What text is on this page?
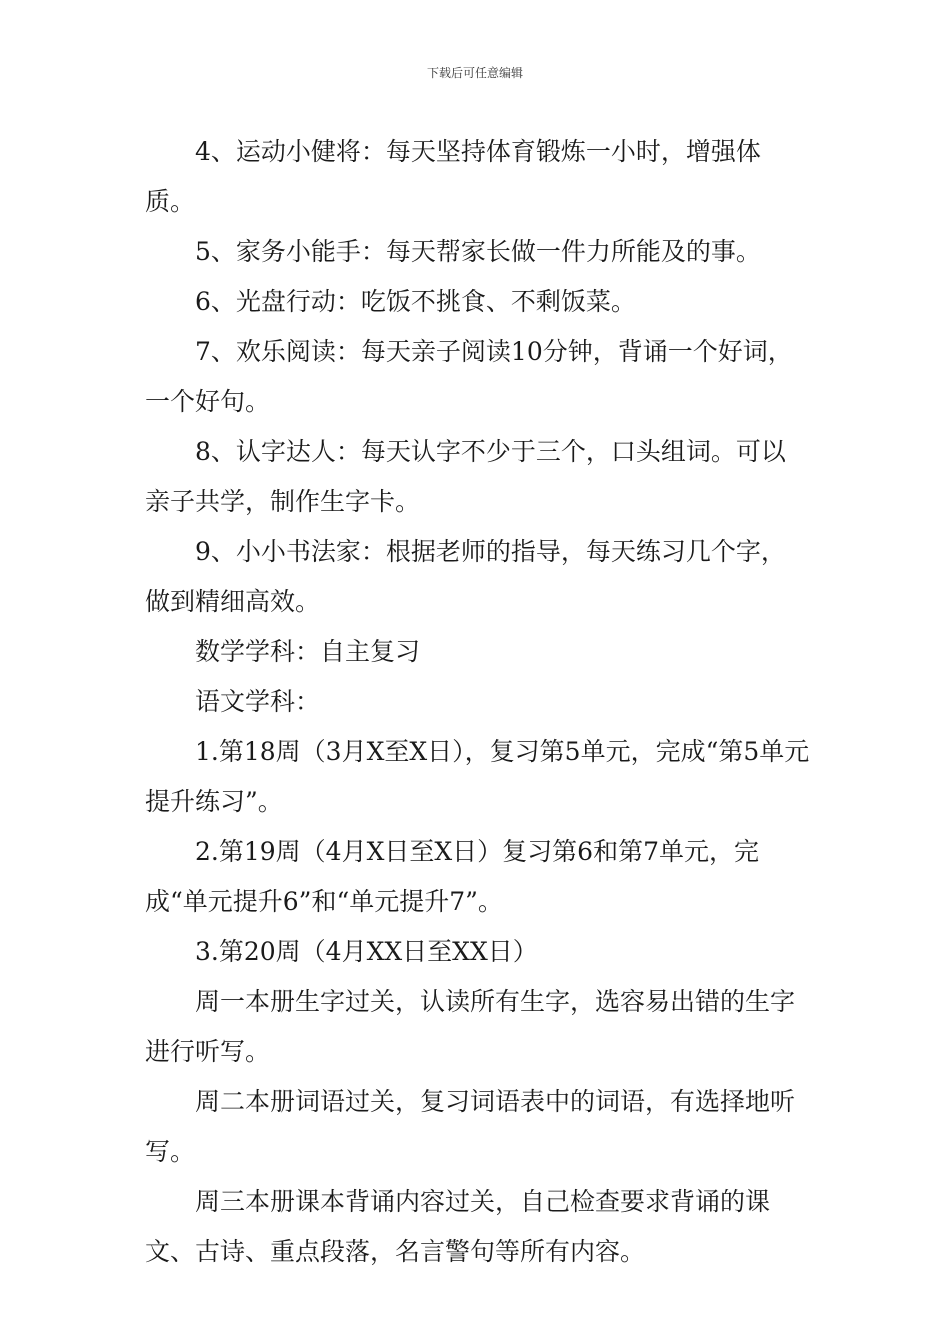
下载后可任意编辑

4、运动小健将：每天坚持体育锻炼一小时，增强体质。

5、家务小能手：每天帮家长做一件力所能及的事。

6、光盘行动：吃饭不挑食、不剩饭菜。

7、欢乐阅读：每天亲子阅读10分钟，背诵一个好词，一个好句。

8、认字达人：每天认字不少于三个，口头组词。可以亲子共学，制作生字卡。

9、小小书法家：根据老师的指导，每天练习几个字，做到精细高效。

数学学科：自主复习

语文学科：

1.第18周（3月X至X日），复习第5单元，完成“第5单元提升练习”。

2.第19周（4月X日至X日）复习第6和第7单元，完成“单元提升6”和“单元提升7”。

3.第20周（4月XX日至XX日）

周一本册生字过关，认读所有生字，选容易出错的生字进行听写。

周二本册词语过关，复习词语表中的词语，有选择地听写。

周三本册课本背诵内容过关，自己检查要求背诵的课文、古诗、重点段落，名言警句等所有内容。
